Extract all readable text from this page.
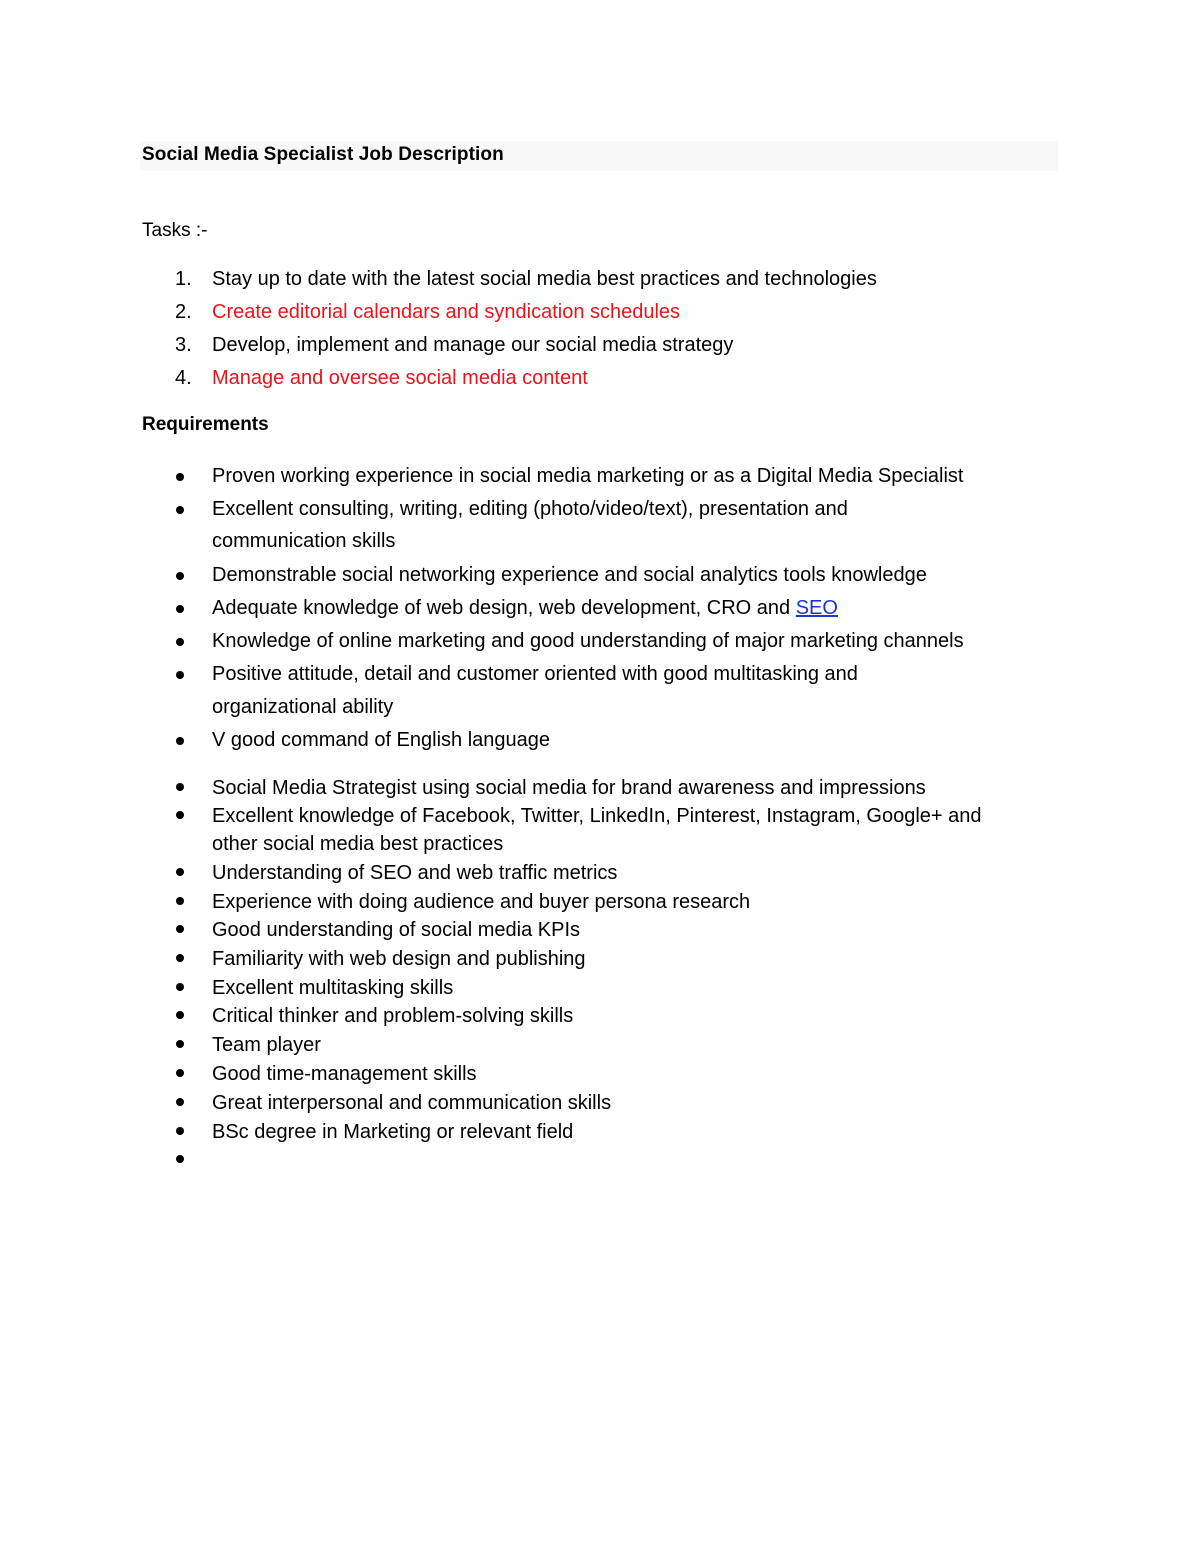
Social Media Specialist Job Description
Tasks :-
1. Stay up to date with the latest social media best practices and technologies
2. Create editorial calendars and syndication schedules
3. Develop, implement and manage our social media strategy
4. Manage and oversee social media content
Requirements
Proven working experience in social media marketing or as a Digital Media Specialist
Excellent consulting, writing, editing (photo/video/text), presentation and
communication skills
Demonstrable social networking experience and social analytics tools knowledge
Adequate knowledge of web design, web development, CRO and SEO
Knowledge of online marketing and good understanding of major marketing channels
Positive attitude, detail and customer oriented with good multitasking and
organizational ability
V good command of English language
Social Media Strategist using social media for brand awareness and impressions
Excellent knowledge of Facebook, Twitter, LinkedIn, Pinterest, Instagram, Google+ and
other social media best practices
Understanding of SEO and web traffic metrics
Experience with doing audience and buyer persona research
Good understanding of social media KPIs
Familiarity with web design and publishing
Excellent multitasking skills
Critical thinker and problem-solving skills
Team player
Good time-management skills
Great interpersonal and communication skills
BSc degree in Marketing or relevant field
